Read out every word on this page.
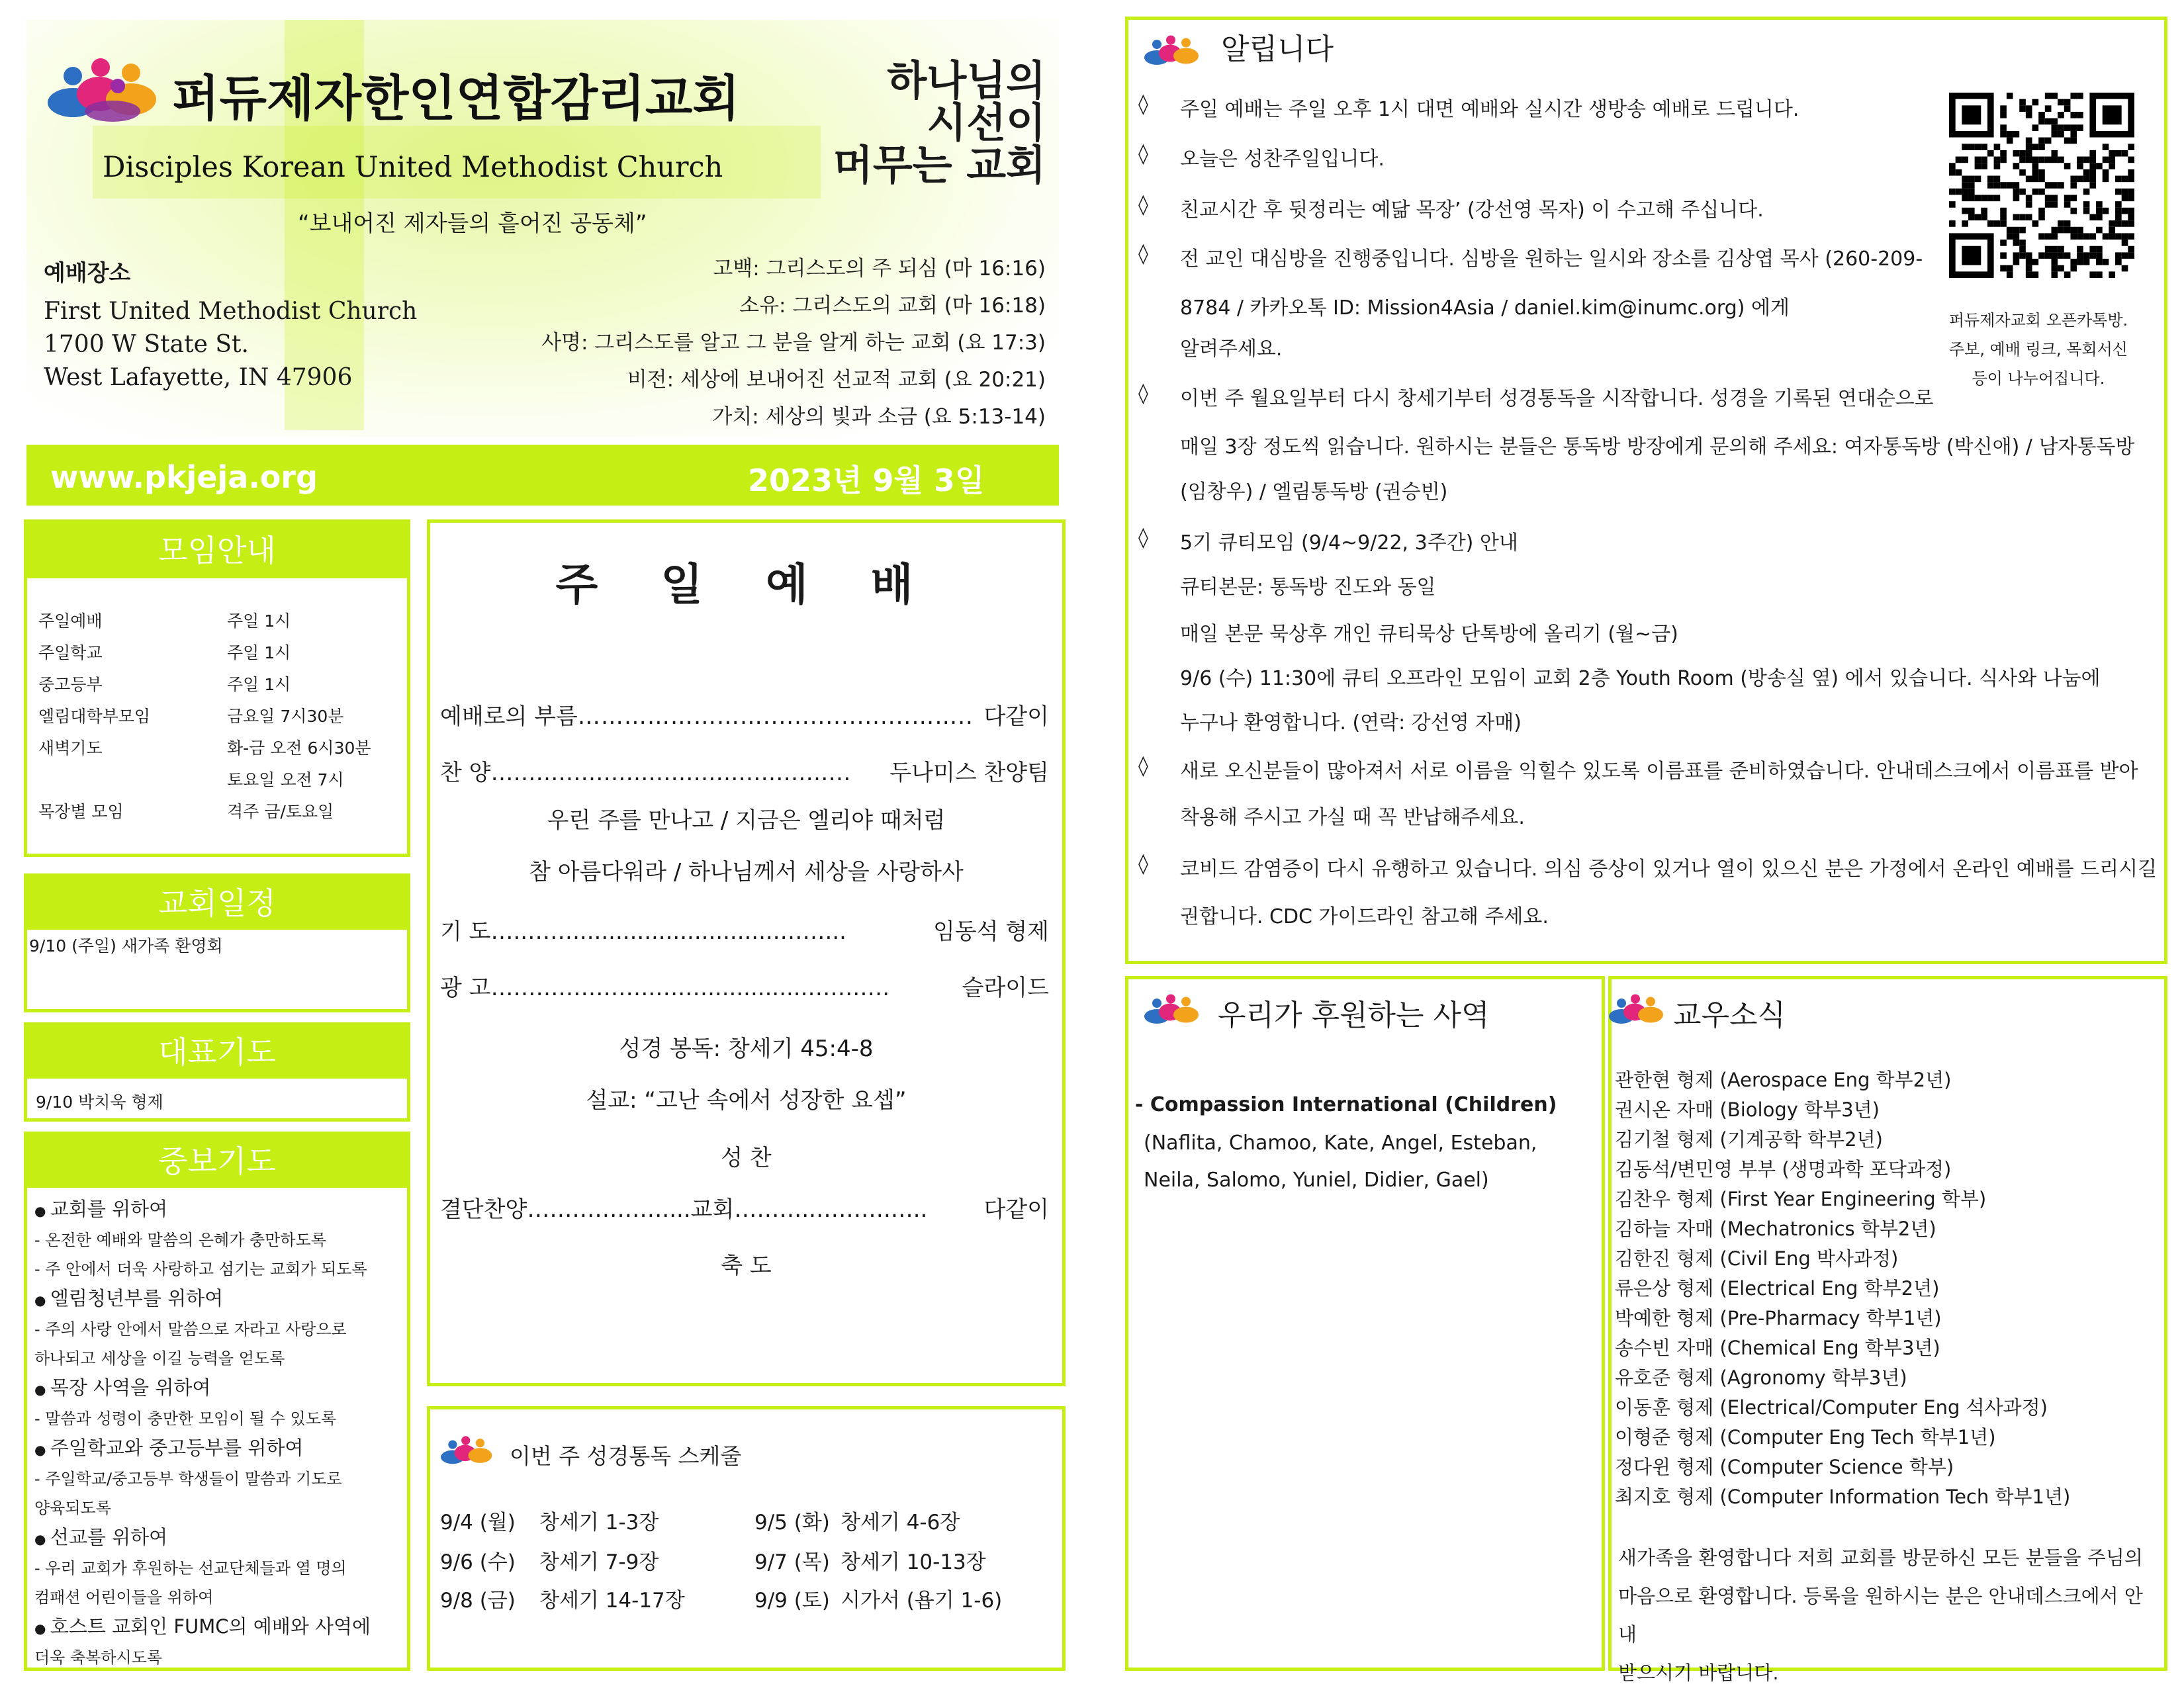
퍼듀제자한인연합감리교회
Disciples Korean United Methodist Church
“보내어진 제자들의 흩어진 공동체”
하나님의
시선이
머무는 교회
예배장소
First United Methodist Church
1700 W State St.
West Lafayette, IN 47906
고백: 그리스도의 주 되심 (마 16:16)
소유: 그리스도의 교회 (마 16:18)
사명: 그리스도를 알고 그 분을 알게 하는 교회 (요 17:3)
비전: 세상에 보내어진 선교적 교회 (요 20:21)
가치: 세상의 빛과 소금 (요 5:13-14)
www.pkjeja.org	2023년 9월 3일
모임안내
주일예배	주일 1시
주일학교	주일 1시
중고등부	주일 1시
엘림대학부모임	금요일 7시30분
새벽기도	화-금 오전 6시30분
토요일 오전 7시
목장별 모임	격주 금/토요일
교회일정
9/10 (주일) 새가족 환영회
대표기도
9/10 박치욱 형제
중보기도
● 교회를 위하여
- 온전한 예배와 말씀의 은혜가 충만하도록
- 주 안에서 더욱 사랑하고 섬기는 교회가 되도록
● 엘림청년부를 위하여
- 주의 사랑 안에서 말씀으로 자라고 사랑으로
하나되고 세상을 이길 능력을 얻도록
● 목장 사역을 위하여
- 말씀과 성령이 충만한 모임이 될 수 있도록
● 주일학교와 중고등부를 위하여
- 주일학교/중고등부 학생들이 말씀과 기도로
양육되도록
● 선교를 위하여
- 우리 교회가 후원하는 선교단체들과 열 명의
컴패션 어린이들을 위하여
● 호스트 교회인 FUMC의 예배와 사역에
더욱 축복하시도록
주 일 예 배
예배로의 부름……………………...................…….. 다같이
찬 양………………………………………… 두나미스 찬양팀
우린 주를 만나고 / 지금은 엘리야 때처럼
참 아름다워라 / 하나님께서 세상을 사랑하사
기 도…..…….............................……...	임동석 형제
광 고………………….….…..............…….….	슬라이드
성경 봉독: 창세기 45:4-8
설교: “고난 속에서 성장한 요셉”
성 찬
결단찬양………………....교회………..……….…..	다같이
축 도
이번 주 성경통독 스케줄
9/4 (월) 창세기 1-3장	9/5 (화) 창세기 4-6장
9/6 (수) 창세기 7-9장	9/7 (목) 창세기 10-13장
9/8 (금) 창세기 14-17장	9/9 (토) 시가서 (욥기 1-6)
알립니다
◊ 주일 예배는 주일 오후 1시 대면 예배와 실시간 생방송 예배로 드립니다.
◊ 오늘은 성찬주일입니다.
◊ 친교시간 후 뒷정리는 예닮 목장’ (강선영 목자) 이 수고해 주십니다.
◊ 전 교인 대심방을 진행중입니다. 심방을 원하는 일시와 장소를 김상엽 목사 (260-209-
8784 / 카카오톡 ID: Mission4Asia / daniel.kim@inumc.org) 에게
알려주세요.
◊ 이번 주 월요일부터 다시 창세기부터 성경통독을 시작합니다. 성경을 기록된 연대순으로
매일 3장 정도씩 읽습니다. 원하시는 분들은 통독방 방장에게 문의해 주세요: 여자통독방 (박신애) / 남자통독방
(임창우) / 엘림통독방 (권승빈)
◊ 5기 큐티모임 (9/4~9/22, 3주간) 안내
큐티본문: 통독방 진도와 동일
매일 본문 묵상후 개인 큐티묵상 단톡방에 올리기 (월~금)
9/6 (수) 11:30에 큐티 오프라인 모임이 교회 2층 Youth Room (방송실 옆) 에서 있습니다. 식사와 나눔에
누구나 환영합니다. (연락: 강선영 자매)
◊ 새로 오신분들이 많아져서 서로 이름을 익힐수 있도록 이름표를 준비하였습니다. 안내데스크에서 이름표를 받아
착용해 주시고 가실 때 꼭 반납해주세요.
◊ 코비드 감염증이 다시 유행하고 있습니다. 의심 증상이 있거나 열이 있으신 분은 가정에서 온라인 예배를 드리시길
권합니다. CDC 가이드라인 참고해 주세요.
퍼듀제자교회 오픈카톡방.
주보, 예배 링크, 목회서신
등이 나누어집니다.
우리가 후원하는 사역
- Compassion International (Children)
(Naflita, Chamoo, Kate, Angel, Esteban,
Neila, Salomo, Yuniel, Didier, Gael)
교우소식
관한현 형제 (Aerospace Eng 학부2년)
권시온 자매 (Biology 학부3년)
김기철 형제 (기계공학 학부2년)
김동석/변민영 부부 (생명과학 포닥과정)
김찬우 형제 (First Year Engineering 학부)
김하늘 자매 (Mechatronics 학부2년)
김한진 형제 (Civil Eng 박사과정)
류은상 형제 (Electrical Eng 학부2년)
박예한 형제 (Pre-Pharmacy 학부1년)
송수빈 자매 (Chemical Eng 학부3년)
유호준 형제 (Agronomy 학부3년)
이동훈 형제 (Electrical/Computer Eng 석사과정)
이형준 형제 (Computer Eng Tech 학부1년)
정다윈 형제 (Computer Science 학부)
최지호 형제 (Computer Information Tech 학부1년)
새가족을 환영합니다 저희 교회를 방문하신 모든 분들을 주님의
마음으로 환영합니다. 등록을 원하시는 분은 안내데스크에서 안내
받으시기 바랍니다.
